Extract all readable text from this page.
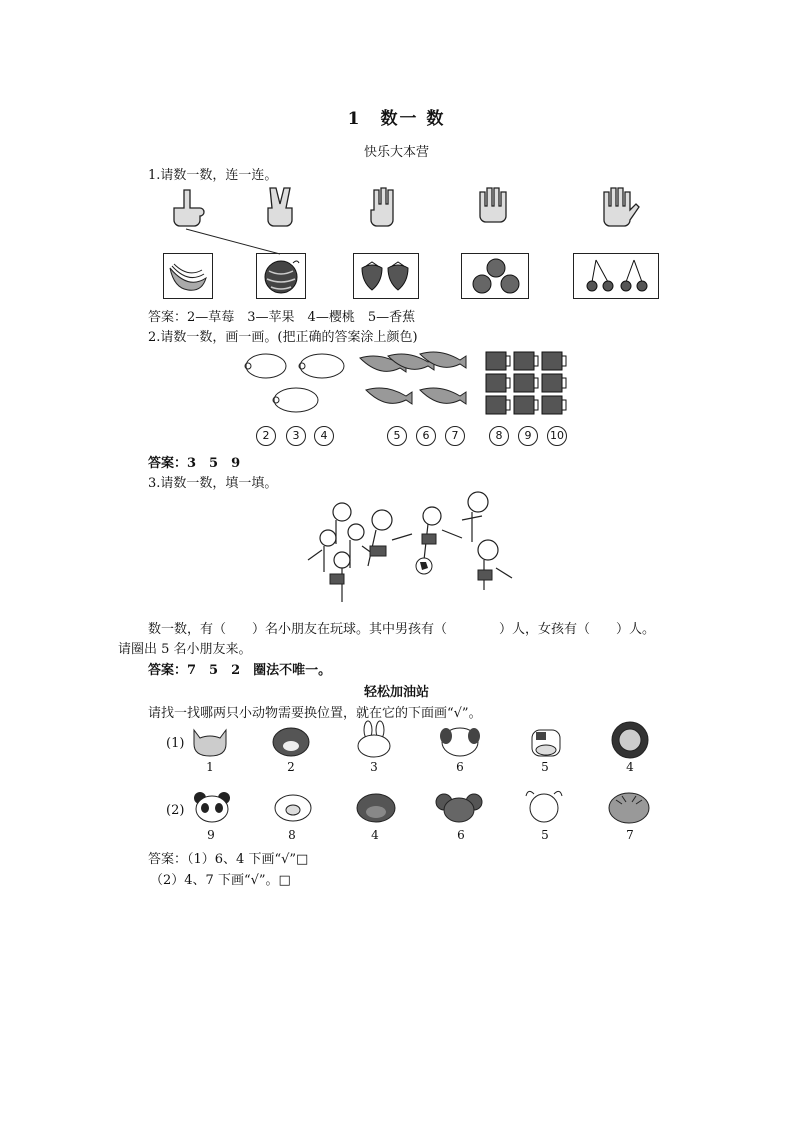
1　数一 数
快乐大本营
1.请数一数，连一连。
答案：2—草莓　3—苹果　4—樱桃　5—香蕉
2.请数一数，画一画。(把正确的答案涂上颜色)
2	3	4	5	6	7	8	9	10
答案：3　5　9
3.请数一数，填一填。
数一数，有（　　）名小朋友在玩球。其中男孩有（　　　　）人，女孩有（　　）人。
请圈出 5 名小朋友来。
答案：7　5　2　圈法不唯一。
轻松加油站
请找一找哪两只小动物需要换位置，就在它的下面画“√”。
(1)
1	2	3	6	5	4
(2)
9	8	4	6	5	7
答案：（1）6、4 下画“√”□
（2）4、7 下画“√”。□
